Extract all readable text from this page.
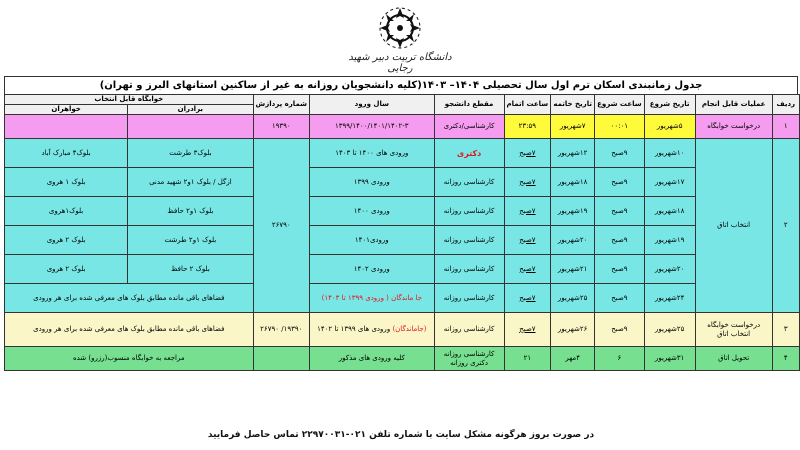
دانشگاه تربیت دبیر شهید رجایی
جدول زمانبندی اسکان ترم اول سال تحصیلی ۱۴۰۴– ۱۴۰۳(کلیه دانشجویان روزانه به غیر از ساکنین استانهای البرز و تهران)
ردیف	عملیات قابل انجام	تاریخ شروع	ساعت شروع	تاریخ خاتمه	ساعت اتمام	مقطع دانشجو	سال ورود	شماره پردازش	خوابگاه قابل انتخاب	
									برادران	خواهران
۱	درخواست خوابگاه	۵شهریور	۰۰:۰۱	۷شهریور	۲۳:۵۹	کارشناسی/دکتری	۱۳۹۹/۱۴۰۰/۱۴۰۱/۱۴۰۲-۳	۱۹۳۹۰		
۲	انتخاب اتاق	۱۰شهریور	۹صبح	۱۲شهریور	۷صبح	دکتری	ورودی های ۱۴۰۰ تا ۱۴۰۳	۲۶۷۹۰	بلوک۳ طرشت	بلوک۴ مبارک آباد
		۱۷شهریور	۹صبح	۱۸شهریور	۷صبح	کارشناسی روزانه	ورودی ۱۳۹۹		ازگل / بلوک ۱و۲ شهید مدنی	بلوک ۱ هروی
		۱۸شهریور	۹صبح	۱۹شهریور	۷صبح	کارشناسی روزانه	ورودی ۱۴۰۰		بلوک ۱و۲ حافظ	بلوک۱هروی
		۱۹شهریور	۹صبح	۲۰شهریور	۷صبح	کارشناسی روزانه	ورودی۱۴۰۱		بلوک ۱و۲ طرشت	بلوک ۲ هروی
		۲۰شهریور	۹صبح	۲۱شهریور	۷صبح	کارشناسی روزانه	ورودی ۱۴۰۲		بلوک ۲ حافظ	بلوک ۲ هروی
		۲۴شهریور	۹صبح	۲۵شهریور	۷صبح	کارشناسی روزانه	جا ماندگان ( ورودی ۱۳۹۹ تا ۱۴۰۳)		فضاهای باقی مانده مطابق بلوک های معرفی شده برای هر ورودی	
۳	درخواست خوابگاه انتخاب اتاق	۲۵شهریور	۹صبح	۲۶شهریور	۷صبح	کارشناسی روزانه	(جاماندگان) ورودی های ۱۳۹۹ تا ۱۴۰۲	۱۹۳۹۰/ ۲۶۷۹۰	فضاهای باقی مانده مطابق بلوک های معرفی شده برای هر ورودی	
۴	تحویل اتاق	۳۱شهریور	۶	۴مهر	۲۱	کارشناسی روزانه دکتری روزانه	کلیه ورودی های مذکور		مراجعه به خوابگاه منسوب(رزرو) شده	
در صورت بروز هرگونه مشکل سایت با شماره تلفن ۰۲۱-۲۲۹۷۰۰۳۱ تماس حاصل فرمایید
